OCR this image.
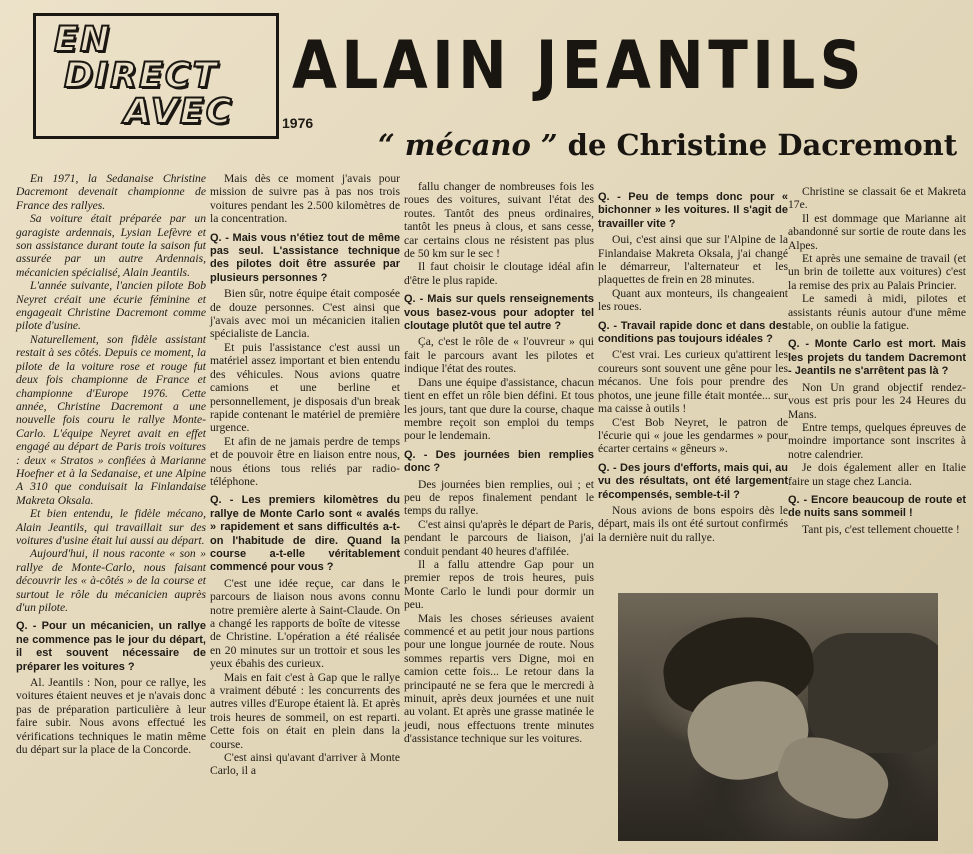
EN
DIRECT
AVEC	1976
ALAIN JEANTILS
“ mécano ” de Christine Dacremont

En 1971, la Sedanaise Christine Dacremont devenait championne de France des rallyes.

Sa voiture était préparée par un garagiste ardennais, Lysian Lefèvre et son assistance durant toute la saison fut assurée par un autre Ardennais, mécanicien spécialisé, Alain Jeantils.

L'année suivante, l'ancien pilote Bob Neyret créait une écurie féminine et engageait Christine Dacremont comme pilote d'usine.

Naturellement, son fidèle assistant restait à ses côtés. Depuis ce moment, la pilote de la voiture rose et rouge fut deux fois championne de France et championne d'Europe 1976. Cette année, Christine Dacremont a une nouvelle fois couru le rallye Monte-Carlo. L'équipe Neyret avait en effet engagé au départ de Paris trois voitures : deux « Stratos » confiées à Marianne Hoefner et à la Sedanaise, et une Alpine A 310 que conduisait la Finlandaise Makreta Oksala.

Et bien entendu, le fidèle mécano, Alain Jeantils, qui travaillait sur des voitures d'usine était lui aussi au départ.

Aujourd'hui, il nous raconte « son » rallye de Monte-Carlo, nous faisant découvrir les « à-côtés » de la course et surtout le rôle du mécanicien auprès d'un pilote.

Q. - Pour un mécanicien, un rallye ne commence pas le jour du départ, il est souvent nécessaire de préparer les voitures ?

Al. Jeantils : Non, pour ce rallye, les voitures étaient neuves et je n'avais donc pas de préparation particulière à leur faire subir. Nous avons effectué les vérifications techniques le matin même du départ sur la place de la Concorde.

Mais dès ce moment j'avais pour mission de suivre pas à pas nos trois voitures pendant les 2.500 kilomètres de la concentration.

Q. - Mais vous n'étiez tout de même pas seul. L'assistance technique des pilotes doit être assurée par plusieurs personnes ?

Bien sûr, notre équipe était composée de douze personnes. C'est ainsi que j'avais avec moi un mécanicien italien spécialiste de Lancia.

Et puis l'assistance c'est aussi un matériel assez important et bien entendu des véhicules. Nous avions quatre camions et une berline et personnellement, je disposais d'un break rapide contenant le matériel de première urgence.

Et afin de ne jamais perdre de temps et de pouvoir être en liaison entre nous, nous étions tous reliés par radio-téléphone.

Q. - Les premiers kilomètres du rallye de Monte Carlo sont « avalés » rapidement et sans difficultés a-t-on l'habitude de dire. Quand la course a-t-elle véritablement commencé pour vous ?

C'est une idée reçue, car dans le parcours de liaison nous avons connu notre première alerte à Saint-Claude. On a changé les rapports de boîte de vitesse de Christine. L'opération a été réalisée en 20 minutes sur un trottoir et sous les yeux ébahis des curieux.

Mais en fait c'est à Gap que le rallye a vraiment débuté : les concurrents des autres villes d'Europe étaient là. Et après trois heures de sommeil, on est reparti. Cette fois on était en plein dans la course.

C'est ainsi qu'avant d'arriver à Monte Carlo, il a

fallu changer de nombreuses fois les roues des voitures, suivant l'état des routes. Tantôt des pneus ordinaires, tantôt les pneus à clous, et sans cesse, car certains clous ne résistent pas plus de 50 km sur le sec !

Il faut choisir le cloutage idéal afin d'être le plus rapide.

Q. - Mais sur quels renseignements vous basez-vous pour adopter tel cloutage plutôt que tel autre ?

Ça, c'est le rôle de « l'ouvreur » qui fait le parcours avant les pilotes et indique l'état des routes.

Dans une équipe d'assistance, chacun tient en effet un rôle bien défini. Et tous les jours, tant que dure la course, chaque membre reçoit son emploi du temps pour le lendemain.

Q. - Des journées bien remplies donc ?

Des journées bien remplies, oui ; et peu de repos finalement pendant le temps du rallye.

C'est ainsi qu'après le départ de Paris, pendant le parcours de liaison, j'ai conduit pendant 40 heures d'affilée.

Il a fallu attendre Gap pour un premier repos de trois heures, puis Monte Carlo le lundi pour dormir un peu.

Mais les choses sérieuses avaient commencé et au petit jour nous partions pour une longue journée de route. Nous sommes repartis vers Digne, moi en camion cette fois... Le retour dans la principauté ne se fera que le mercredi à minuit, après deux journées et une nuit au volant. Et après une grasse matinée le jeudi, nous effectuons trente minutes d'assistance technique sur les voitures.

Q. - Peu de temps donc pour « bichonner » les voitures. Il s'agit de travailler vite ?

Oui, c'est ainsi que sur l'Alpine de la Finlandaise Makreta Oksala, j'ai changé le démarreur, l'alternateur et les plaquettes de frein en 28 minutes.

Quant aux monteurs, ils changeaient les roues.

Q. - Travail rapide donc et dans des conditions pas toujours idéales ?

C'est vrai. Les curieux qu'attirent les coureurs sont souvent une gêne pour les mécanos. Une fois pour prendre des photos, une jeune fille était montée... sur ma caisse à outils !

C'est Bob Neyret, le patron de l'écurie qui « joue les gendarmes » pour écarter certains « gêneurs ».

Q. - Des jours d'efforts, mais qui, au vu des résultats, ont été largement récompensés, semble-t-il ?

Nous avions de bons espoirs dès le départ, mais ils ont été surtout confirmés la dernière nuit du rallye.

Christine se classait 6e et Makreta 17e.

Il est dommage que Marianne ait abandonné sur sortie de route dans les Alpes.

Et après une semaine de travail (et un brin de toilette aux voitures) c'est la remise des prix au Palais Princier.

Le samedi à midi, pilotes et assistants réunis autour d'une même table, on oublie la fatigue.

Q. - Monte Carlo est mort. Mais les projets du tandem Dacremont - Jeantils ne s'arrêtent pas là ?

Non Un grand objectif rendez-vous est pris pour les 24 Heures du Mans.

Entre temps, quelques épreuves de moindre importance sont inscrites à notre calendrier.

Je dois également aller en Italie faire un stage chez Lancia.

Q. - Encore beaucoup de route et de nuits sans sommeil !

Tant pis, c'est tellement chouette !
